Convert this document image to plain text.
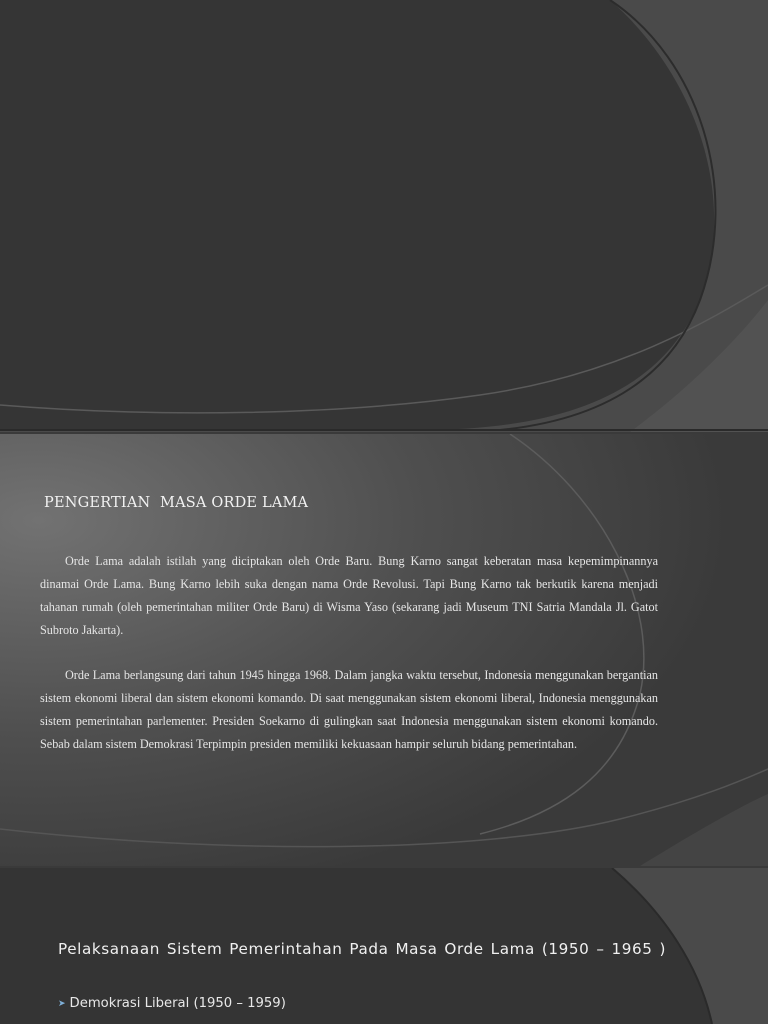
PENGERTIAN  MASA ORDE LAMA

Orde Lama adalah istilah yang diciptakan oleh Orde Baru. Bung Karno sangat keberatan masa kepemimpinannya dinamai Orde Lama. Bung Karno lebih suka dengan nama Orde Revolusi. Tapi Bung Karno tak berkutik karena menjadi tahanan rumah (oleh pemerintahan militer Orde Baru) di Wisma Yaso (sekarang jadi Museum TNI Satria Mandala Jl. Gatot Subroto Jakarta).

Orde Lama berlangsung dari tahun 1945 hingga 1968. Dalam jangka waktu tersebut, Indonesia menggunakan bergantian sistem ekonomi liberal dan sistem ekonomi komando. Di saat menggunakan sistem ekonomi liberal, Indonesia menggunakan sistem pemerintahan parlementer. Presiden Soekarno di gulingkan saat Indonesia menggunakan sistem ekonomi komando. Sebab dalam sistem Demokrasi Terpimpin presiden memiliki kekuasaan hampir seluruh bidang pemerintahan.

Pelaksanaan Sistem Pemerintahan Pada Masa Orde Lama (1950 – 1965 )

➤ Demokrasi Liberal (1950 – 1959)
